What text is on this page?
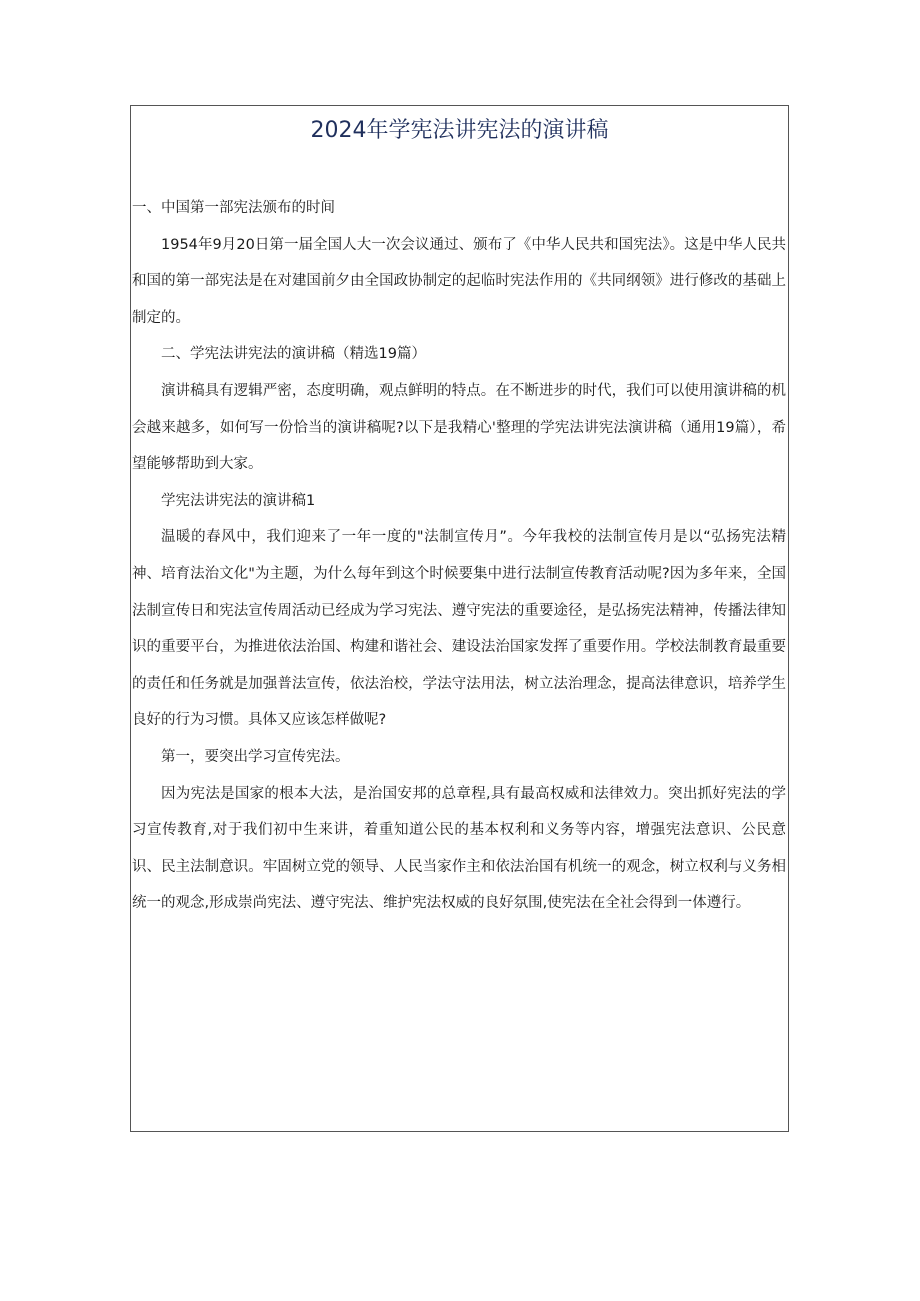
2024年学宪法讲宪法的演讲稿

一、中国第一部宪法颁布的时间

1954年9月20日第一届全国人大一次会议通过、颁布了《中华人民共和国宪法》。这是中华人民共和国的第一部宪法是在对建国前夕由全国政协制定的起临时宪法作用的《共同纲领》进行修改的基础上制定的。

二、学宪法讲宪法的演讲稿（精选19篇）

演讲稿具有逻辑严密，态度明确，观点鲜明的特点。在不断进步的时代，我们可以使用演讲稿的机会越来越多，如何写一份恰当的演讲稿呢?以下是我精心'整理的学宪法讲宪法演讲稿（通用19篇），希望能够帮助到大家。

学宪法讲宪法的演讲稿1

温暖的春风中，我们迎来了一年一度的"法制宣传月”。今年我校的法制宣传月是以“弘扬宪法精神、培育法治文化"为主题，为什么每年到这个时候要集中进行法制宣传教育活动呢?因为多年来，全国法制宣传日和宪法宣传周活动已经成为学习宪法、遵守宪法的重要途径，是弘扬宪法精神，传播法律知识的重要平台，为推进依法治国、构建和谐社会、建设法治国家发挥了重要作用。学校法制教育最重要的责任和任务就是加强普法宣传，依法治校，学法守法用法，树立法治理念，提高法律意识，培养学生良好的行为习惯。具体又应该怎样做呢?

第一，要突出学习宣传宪法。

因为宪法是国家的根本大法，是治国安邦的总章程,具有最高权威和法律效力。突出抓好宪法的学习宣传教育,对于我们初中生来讲，着重知道公民的基本权利和义务等内容，增强宪法意识、公民意识、民主法制意识。牢固树立党的领导、人民当家作主和依法治国有机统一的观念，树立权利与义务相统一的观念,形成崇尚宪法、遵守宪法、维护宪法权威的良好氛围,使宪法在全社会得到一体遵行。
